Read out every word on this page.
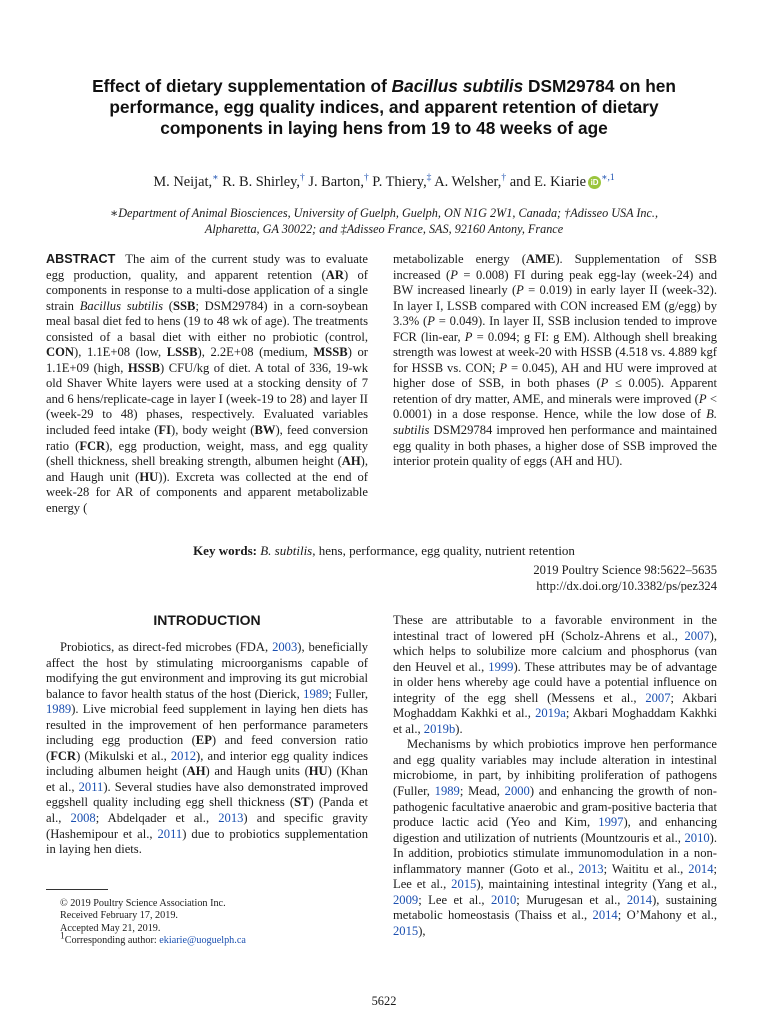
Effect of dietary supplementation of Bacillus subtilis DSM29784 on hen performance, egg quality indices, and apparent retention of dietary components in laying hens from 19 to 48 weeks of age
M. Neijat,∗ R. B. Shirley,† J. Barton,† P. Thiery,‡ A. Welsher,† and E. Kiarie iD $^{∗,1}$
∗Department of Animal Biosciences, University of Guelph, Guelph, ON N1G 2W1, Canada; †Adisseo USA Inc.,
Alpharetta, GA 30022; and ‡Adisseo France, SAS, 92160 Antony, France

ABSTRACT The aim of the current study was to evaluate egg production, quality, and apparent retention (AR) of components in response to a multi-dose application of a single strain Bacillus subtilis (SSB; DSM29784) in a corn-soybean meal basal diet fed to hens (19 to 48 wk of age). The treatments consisted of a basal diet with either no probiotic (control, CON), 1.1E+08 (low, LSSB), 2.2E+08 (medium, MSSB) or 1.1E+09 (high, HSSB) CFU/kg of diet. A total of 336, 19-wk old Shaver White layers were used at a stocking density of 7 and 6 hens/replicate-cage in layer I (week-19 to 28) and layer II (week-29 to 48) phases, respectively. Evaluated variables included feed intake (FI), body weight (BW), feed conversion ratio (FCR), egg production, weight, mass, and egg quality (shell thickness, shell breaking strength, albumen height (AH), and Haugh unit (HU)). Excreta was collected at the end of week-28 for AR of components and apparent metabolizable energy (

metabolizable energy (AME). Supplementation of SSB increased (P = 0.008) FI during peak egg-lay (week-24) and BW increased linearly (P = 0.019) in early layer II (week-32). In layer I, LSSB compared with CON increased EM (g/egg) by 3.3% (P = 0.049). In layer II, SSB inclusion tended to improve FCR (lin-ear, P = 0.094; g FI: g EM). Although shell breaking strength was lowest at week-20 with HSSB (4.518 vs. 4.889 kgf for HSSB vs. CON; P = 0.045), AH and HU were improved at higher dose of SSB, in both phases (P ≤ 0.005). Apparent retention of dry matter, AME, and minerals were improved (P < 0.0001) in a dose response. Hence, while the low dose of B. subtilis DSM29784 improved hen performance and maintained egg quality in both phases, a higher dose of SSB improved the interior protein quality of eggs (AH and HU).

Key words: B. subtilis, hens, performance, egg quality, nutrient retention
2019 Poultry Science 98:5622–5635
http://dx.doi.org/10.3382/ps/pez324
INTRODUCTION

Probiotics, as direct-fed microbes (FDA, 2003), beneficially affect the host by stimulating microorganisms capable of modifying the gut environment and improving its gut microbial balance to favor health status of the host (Dierick, 1989; Fuller, 1989). Live microbial feed supplement in laying hen diets has resulted in the improvement of hen performance parameters including egg production (EP) and feed conversion ratio (FCR) (Mikulski et al., 2012), and interior egg quality indices including albumen height (AH) and Haugh units (HU) (Khan et al., 2011). Several studies have also demonstrated improved eggshell quality including egg shell thickness (ST) (Panda et al., 2008; Abdelqader et al., 2013) and specific gravity (Hashemipour et al., 2011) due to probiotics supplementation in laying hen diets.

These are attributable to a favorable environment in the intestinal tract of lowered pH (Scholz-Ahrens et al., 2007), which helps to solubilize more calcium and phosphorus (van den Heuvel et al., 1999). These attributes may be of advantage in older hens whereby age could have a potential influence on integrity of the egg shell (Messens et al., 2007; Akbari Moghaddam Kakhki et al., 2019a; Akbari Moghaddam Kakhki et al., 2019b).

Mechanisms by which probiotics improve hen performance and egg quality variables may include alteration in intestinal microbiome, in part, by inhibiting proliferation of pathogens (Fuller, 1989; Mead, 2000) and enhancing the growth of non-pathogenic facultative anaerobic and gram-positive bacteria that produce lactic acid (Yeo and Kim, 1997), and enhancing digestion and utilization of nutrients (Mountzouris et al., 2010). In addition, probiotics stimulate immunomodulation in a non-inflammatory manner (Goto et al., 2013; Waititu et al., 2014; Lee et al., 2015), maintaining intestinal integrity (Yang et al., 2009; Lee et al., 2010; Murugesan et al., 2014), sustaining metabolic homeostasis (Thaiss et al., 2014; O’Mahony et al., 2015),

© 2019 Poultry Science Association Inc.
Received February 17, 2019.
Accepted May 21, 2019.
1Corresponding author: ekiarie@uoguelph.ca
5622
